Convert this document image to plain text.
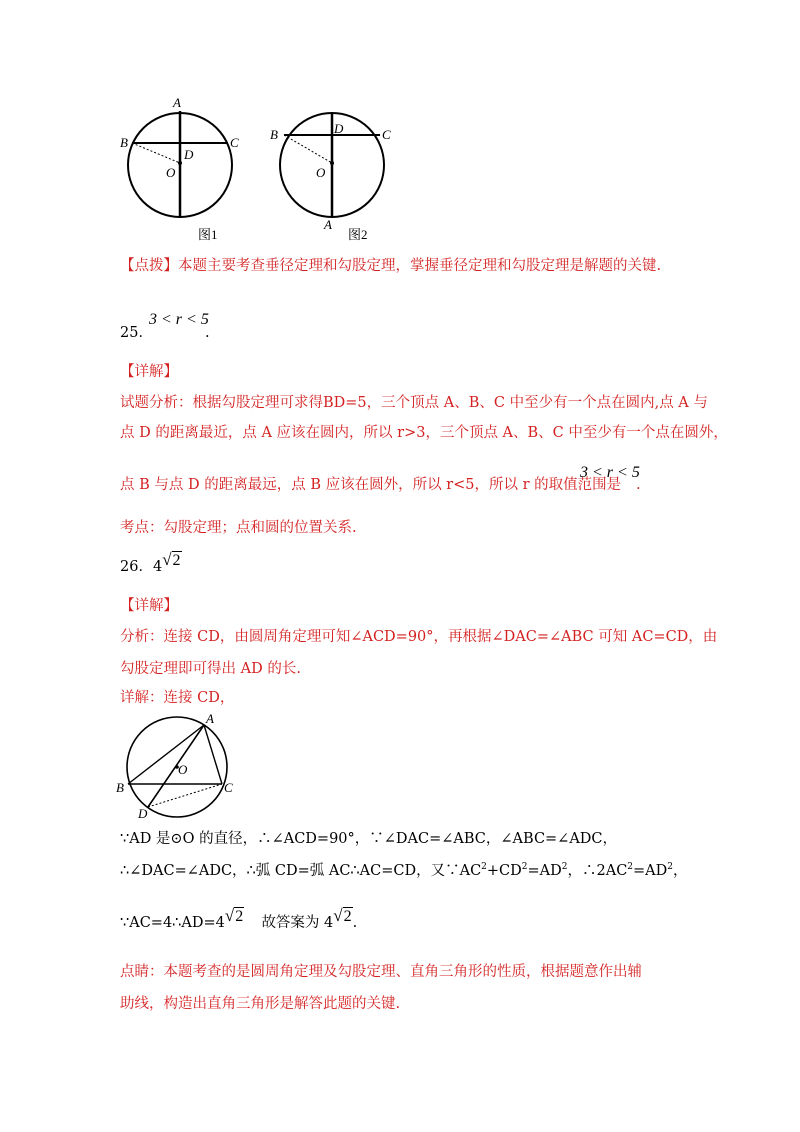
A
B	C
D
O
图1
B	C
D
O
A
图2
【点拨】本题主要考查垂径定理和勾股定理，掌握垂径定理和勾股定理是解题的关键.
25．
3 < r < 5
.
【详解】
试题分析：根据勾股定理可求得BD=5，三个顶点 A、B、C 中至少有一个点在圆内,点 A 与
点 D 的距离最近，点 A 应该在圆内，所以 r>3，三个顶点 A、B、C 中至少有一个点在圆外，
点 B 与点 D 的距离最远，点 B 应该在圆外，所以 r<5，所以 r 的取值范围是
3 < r < 5
.
考点：勾股定理；点和圆的位置关系.
26．4√2
【详解】
分析：连接 CD，由圆周角定理可知∠ACD=90°，再根据∠DAC=∠ABC 可知 AC=CD，由
勾股定理即可得出 AD 的长.
详解：连接 CD，
A
B	C
D
O
∵AD 是⊙O 的直径，∴∠ACD=90°，∵∠DAC=∠ABC，∠ABC=∠ADC，
∴∠DAC=∠ADC，∴弧 CD=弧 AC∴AC=CD，又$\because AC^2+CD^2=AD^2$，$\therefore 2AC^2=AD^2$，
∵AC=4∴AD=4√2 故答案为 4√2.
点睛：本题考查的是圆周角定理及勾股定理、直角三角形的性质，根据题意作出辅
助线，构造出直角三角形是解答此题的关键.
